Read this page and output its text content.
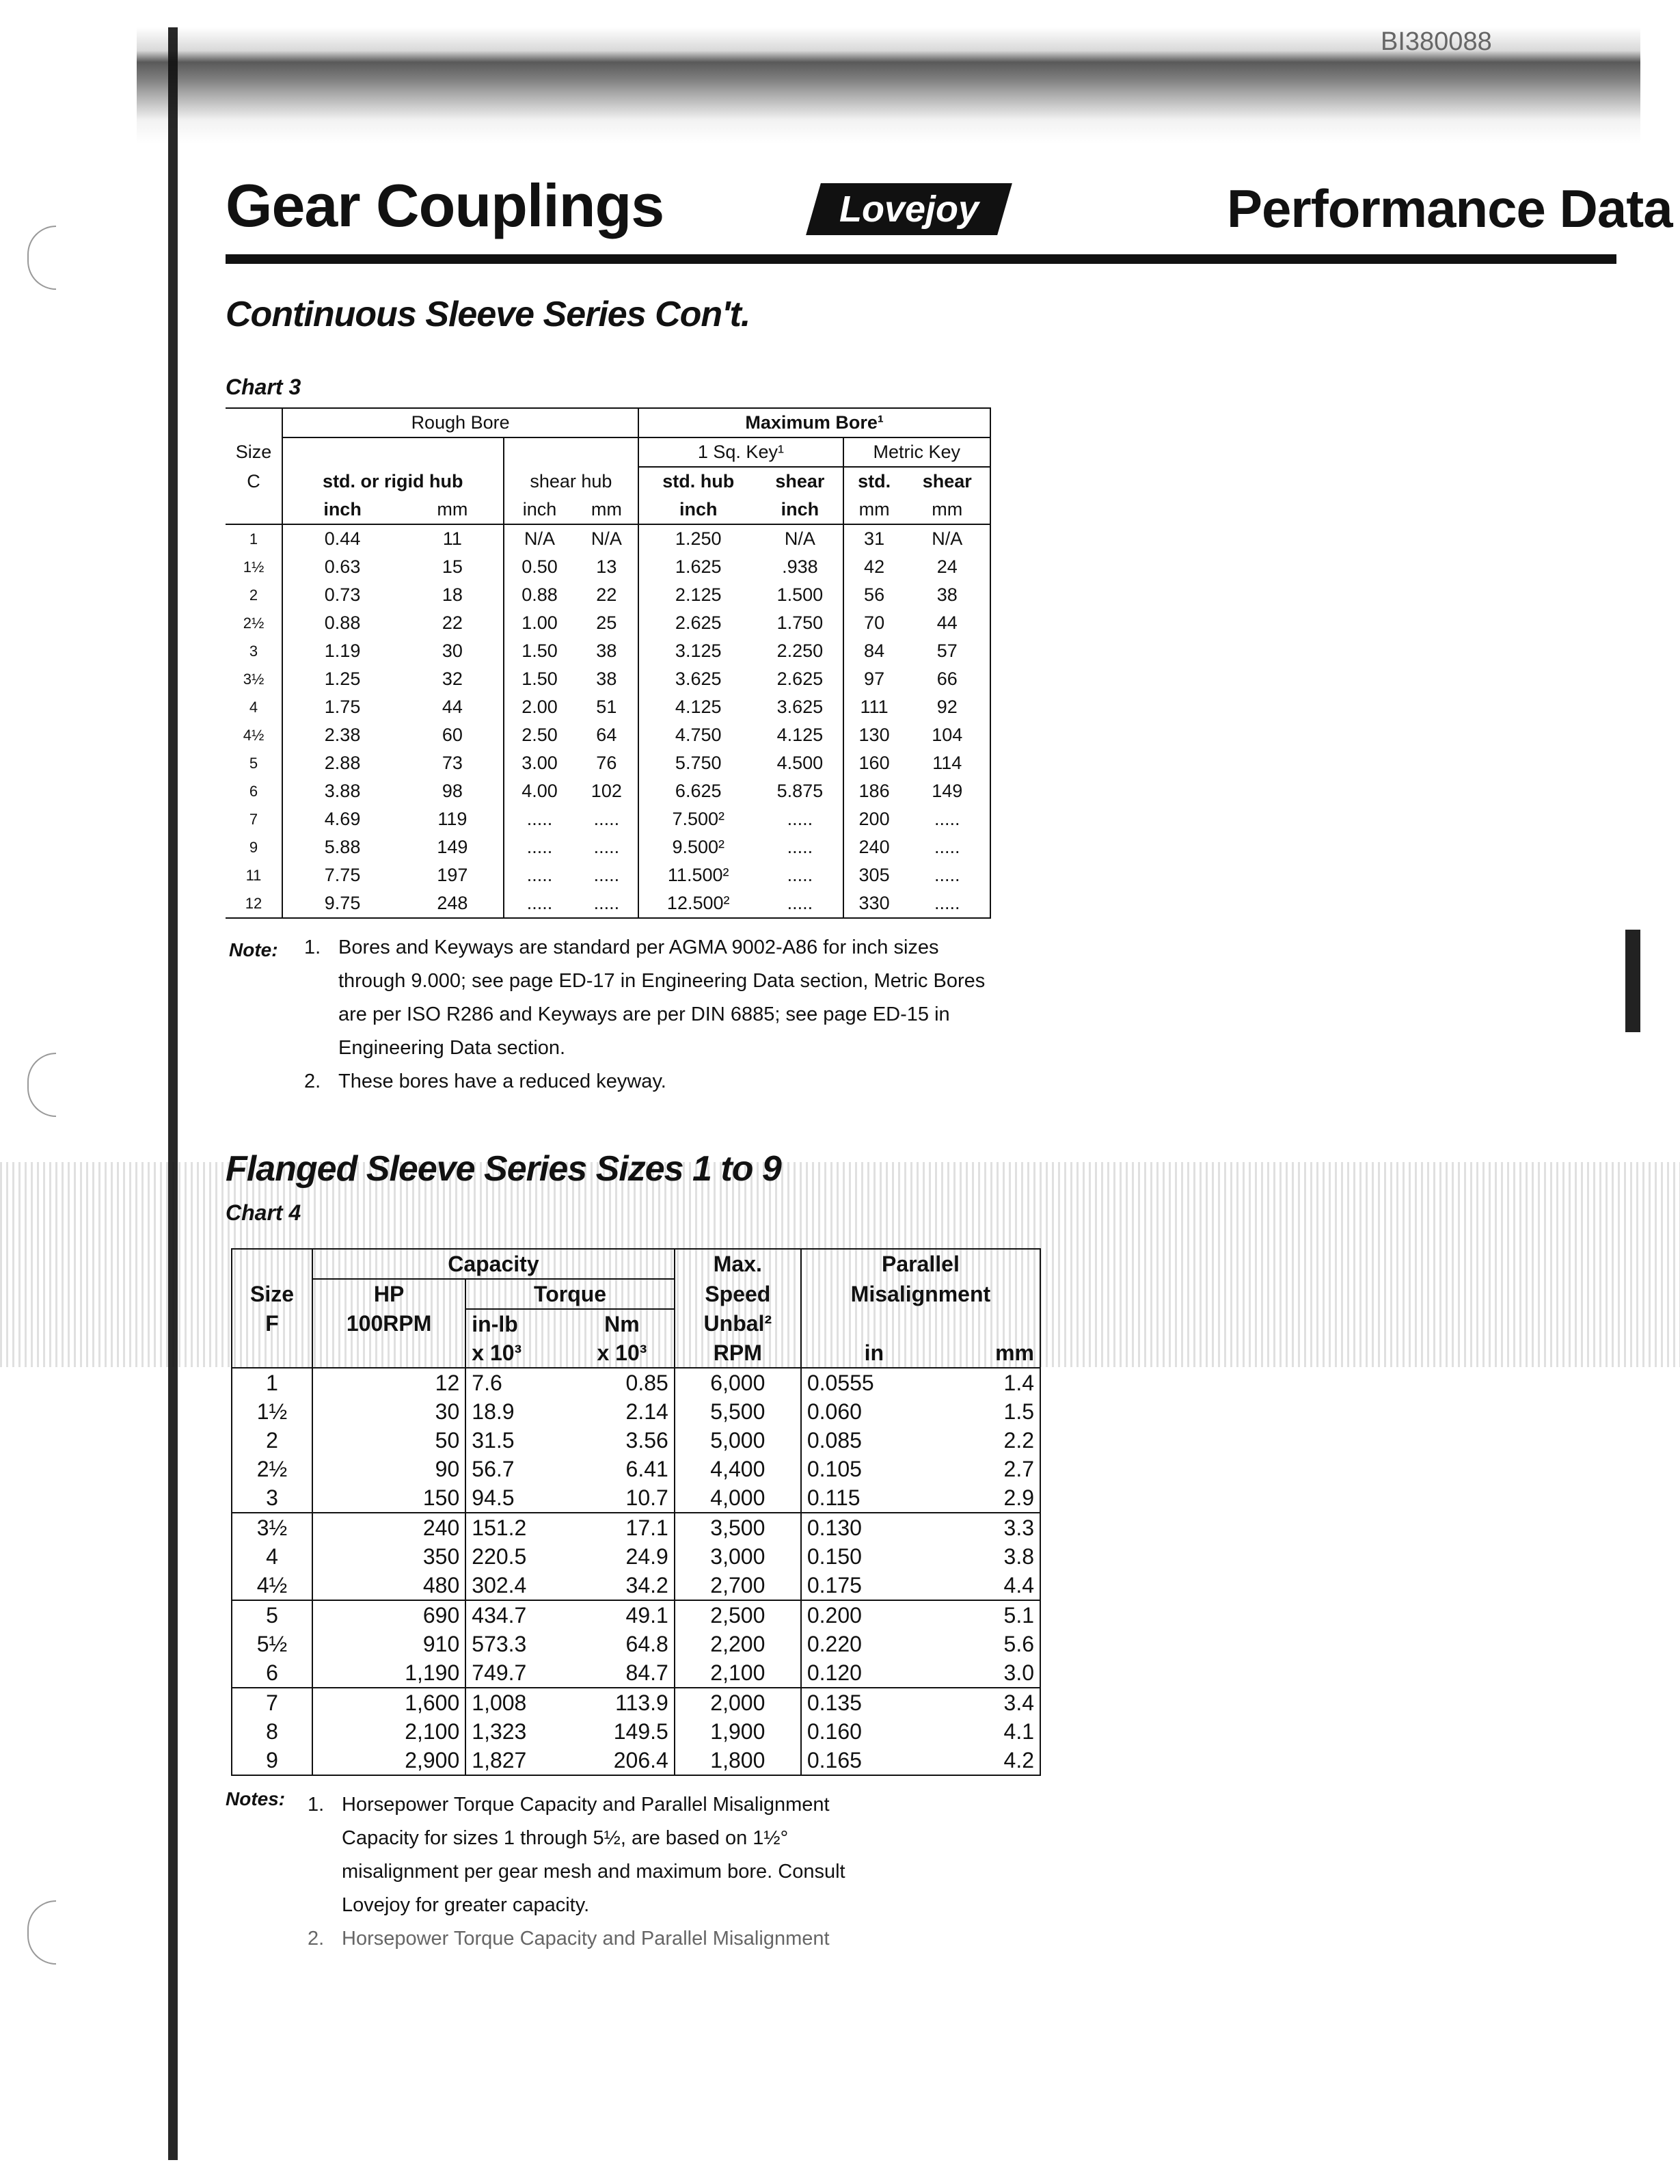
BI380088
Gear Couplings	Lovejoy	Performance Data
Continuous Sleeve Series Con't.
Chart 3
	Rough Bore				Maximum Bore¹			
Size					1 Sq. Key¹		Metric Key	
C	std. or rigid hub		shear hub		std. hub	shear	std.	shear
	inch	mm	inch	mm	inch	inch	mm	mm
1	0.44	11	N/A	N/A	1.250	N/A	31	N/A
1½	0.63	15	0.50	13	1.625	.938	42	24
2	0.73	18	0.88	22	2.125	1.500	56	38
2½	0.88	22	1.00	25	2.625	1.750	70	44
3	1.19	30	1.50	38	3.125	2.250	84	57
3½	1.25	32	1.50	38	3.625	2.625	97	66
4	1.75	44	2.00	51	4.125	3.625	111	92
4½	2.38	60	2.50	64	4.750	4.125	130	104
5	2.88	73	3.00	76	5.750	4.500	160	114
6	3.88	98	4.00	102	6.625	5.875	186	149
7	4.69	119	.....	.....	7.500²	.....	200	.....
9	5.88	149	.....	.....	9.500²	.....	240	.....
11	7.75	197	.....	.....	11.500²	.....	305	.....
12	9.75	248	.....	.....	12.500²	.....	330	.....
Note: 1. Bores and Keyways are standard per AGMA 9002-A86 for inch sizes
through 9.000; see page ED-17 in Engineering Data section, Metric Bores
are per ISO R286 and Keyways are per DIN 6885; see page ED-15 in
Engineering Data section.
2. These bores have a reduced keyway.
Flanged Sleeve Series Sizes 1 to 9
Chart 4
	Capacity			Max.	Parallel	
Size	HP	Torque		Speed	Misalignment	
F	100RPM	in-lb	Nm	Unbal²		
		x 10³	x 10³	RPM	in	mm
1	12	7.6	0.85	6,000	0.0555	1.4
1½	30	18.9	2.14	5,500	0.060	1.5
2	50	31.5	3.56	5,000	0.085	2.2
2½	90	56.7	6.41	4,400	0.105	2.7
3	150	94.5	10.7	4,000	0.115	2.9
3½	240	151.2	17.1	3,500	0.130	3.3
4	350	220.5	24.9	3,000	0.150	3.8
4½	480	302.4	34.2	2,700	0.175	4.4
5	690	434.7	49.1	2,500	0.200	5.1
5½	910	573.3	64.8	2,200	0.220	5.6
6	1,190	749.7	84.7	2,100	0.120	3.0
7	1,600	1,008	113.9	2,000	0.135	3.4
8	2,100	1,323	149.5	1,900	0.160	4.1
9	2,900	1,827	206.4	1,800	0.165	4.2
Notes: 1. Horsepower Torque Capacity and Parallel Misalignment
Capacity for sizes 1 through 5½, are based on 1½°
misalignment per gear mesh and maximum bore. Consult
Lovejoy for greater capacity.
2. Horsepower Torque Capacity and Parallel Misalignment
